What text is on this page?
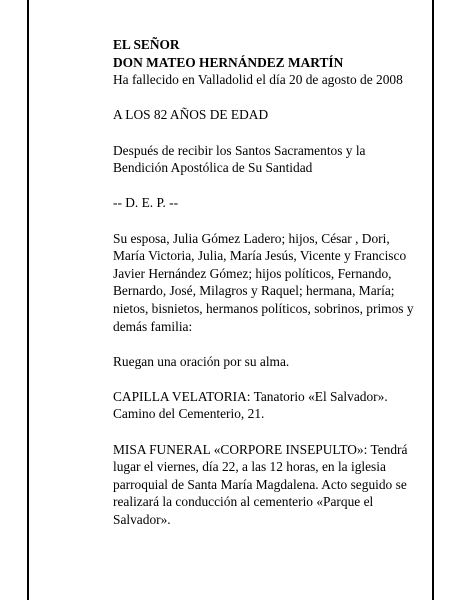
EL SEÑOR

DON MATEO HERNÁNDEZ MARTÍN

Ha fallecido en Valladolid el día 20 de agosto de 2008

A LOS 82 AÑOS DE EDAD

Después de recibir los Santos Sacramentos y la

Bendición Apostólica de Su Santidad

-- D. E. P. --

Su esposa, Julia Gómez Ladero; hijos, César , Dori,

María Victoria, Julia, María Jesús, Vicente y Francisco

Javier Hernández Gómez; hijos políticos, Fernando,

Bernardo, José, Milagros y Raquel; hermana, María;

nietos, bisnietos, hermanos políticos, sobrinos, primos y

demás familia:

Ruegan una oración por su alma.

CAPILLA VELATORIA: Tanatorio «El Salvador».

Camino del Cementerio, 21.

MISA FUNERAL «CORPORE INSEPULTO»: Tendrá

lugar el viernes, día 22, a las 12 horas, en la iglesia

parroquial de Santa María Magdalena. Acto seguido se

realizará la conducción al cementerio «Parque el

Salvador».
